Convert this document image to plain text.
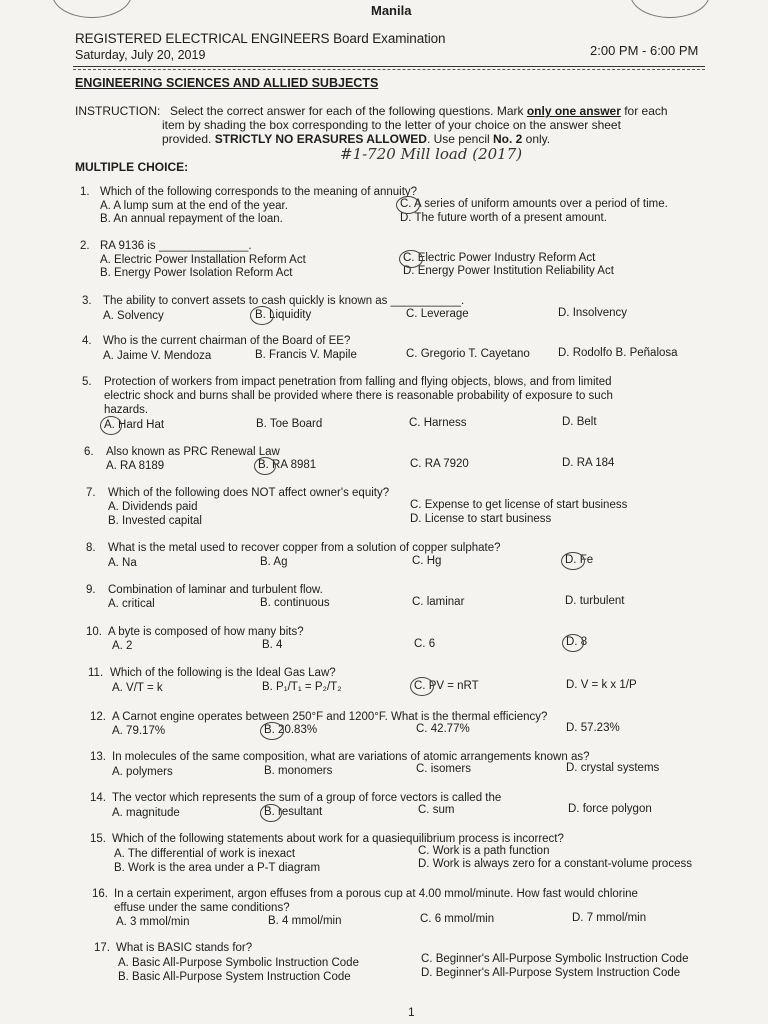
Manila
REGISTERED ELECTRICAL ENGINEERS Board Examination
Saturday, July 20, 2019	2:00 PM - 6:00 PM
ENGINEERING SCIENCES AND ALLIED SUBJECTS
INSTRUCTION: Select the correct answer for each of the following questions. Mark only one answer for each
item by shading the box corresponding to the letter of your choice on the answer sheet
provided. STRICTLY NO ERASURES ALLOWED. Use pencil No. 2 only.
MULTIPLE CHOICE:
#1-720 Mill load (2017)
1. Which of the following corresponds to the meaning of annuity?
A. A lump sum at the end of the year.
B. An annual repayment of the loan.
C. A series of uniform amounts over a period of time.
D. The future worth of a present amount.
2. RA 9136 is ______________.
A. Electric Power Installation Reform Act
B. Energy Power Isolation Reform Act
C. Electric Power Industry Reform Act
D. Energy Power Institution Reliability Act
3. The ability to convert assets to cash quickly is known as ___________.
A. Solvency	B. Liquidity	C. Leverage	D. Insolvency
4. Who is the current chairman of the Board of EE?
A. Jaime V. Mendoza	B. Francis V. Mapile	C. Gregorio T. Cayetano D. Rodolfo B. Peñalosa
5. Protection of workers from impact penetration from falling and flying objects, blows, and from limited
electric shock and burns shall be provided where there is reasonable probability of exposure to such
hazards.
A. Hard Hat	B. Toe Board	C. Harness	D. Belt
6. Also known as PRC Renewal Law
A. RA 8189	B. RA 8981	C. RA 7920	D. RA 184
7. Which of the following does NOT affect owner's equity?
A. Dividends paid
B. Invested capital
C. Expense to get license of start business
D. License to start business
8. What is the metal used to recover copper from a solution of copper sulphate?
A. Na	B. Ag	C. Hg	D. Fe
9. Combination of laminar and turbulent flow.
A. critical	B. continuous	C. laminar	D. turbulent
10. A byte is composed of how many bits?
A. 2	B. 4	C. 6	D. 8
11. Which of the following is the Ideal Gas Law?
A. V/T = k	B. P₁/T₁ = P₂/T₂	C. PV = nRT	D. V = k x 1/P
12. A Carnot engine operates between 250°F and 1200°F. What is the thermal efficiency?
A. 79.17%	B. 20.83%	C. 42.77%	D. 57.23%
13. In molecules of the same composition, what are variations of atomic arrangements known as?
A. polymers	B. monomers	C. isomers	D. crystal systems
14. The vector which represents the sum of a group of force vectors is called the
A. magnitude	B. resultant	C. sum	D. force polygon
15. Which of the following statements about work for a quasiequilibrium process is incorrect?
A. The differential of work is inexact
B. Work is the area under a P-T diagram
C. Work is a path function
D. Work is always zero for a constant-volume process
16. In a certain experiment, argon effuses from a porous cup at 4.00 mmol/minute. How fast would chlorine
effuse under the same conditions?
A. 3 mmol/min	B. 4 mmol/min	C. 6 mmol/min	D. 7 mmol/min
17. What is BASIC stands for?
A. Basic All-Purpose Symbolic Instruction Code
B. Basic All-Purpose System Instruction Code
C. Beginner's All-Purpose Symbolic Instruction Code
D. Beginner's All-Purpose System Instruction Code
1
